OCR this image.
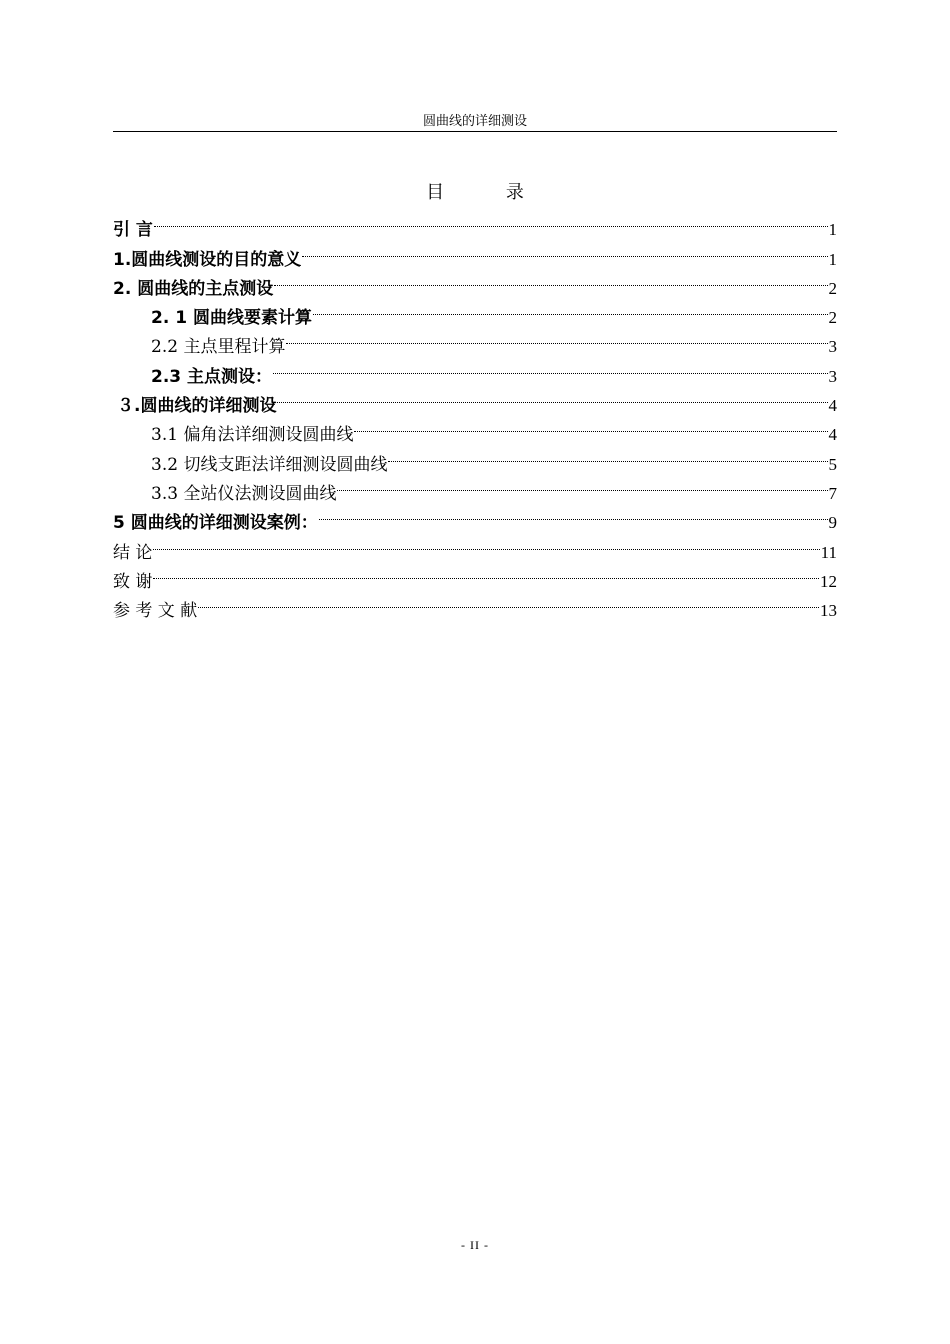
圆曲线的详细测设
目 录
引 言	1
1.圆曲线测设的目的意义	1
2. 圆曲线的主点测设	2
2. 1 圆曲线要素计算	2
2.2 主点里程计算	3
2.3 主点测设：	3
３.圆曲线的详细测设	4
3.1 偏角法详细测设圆曲线	4
3.2 切线支距法详细测设圆曲线	5
3.3 全站仪法测设圆曲线	7
5 圆曲线的详细测设案例：	9
结 论	11
致 谢	12
参 考 文 献	13
- II -
